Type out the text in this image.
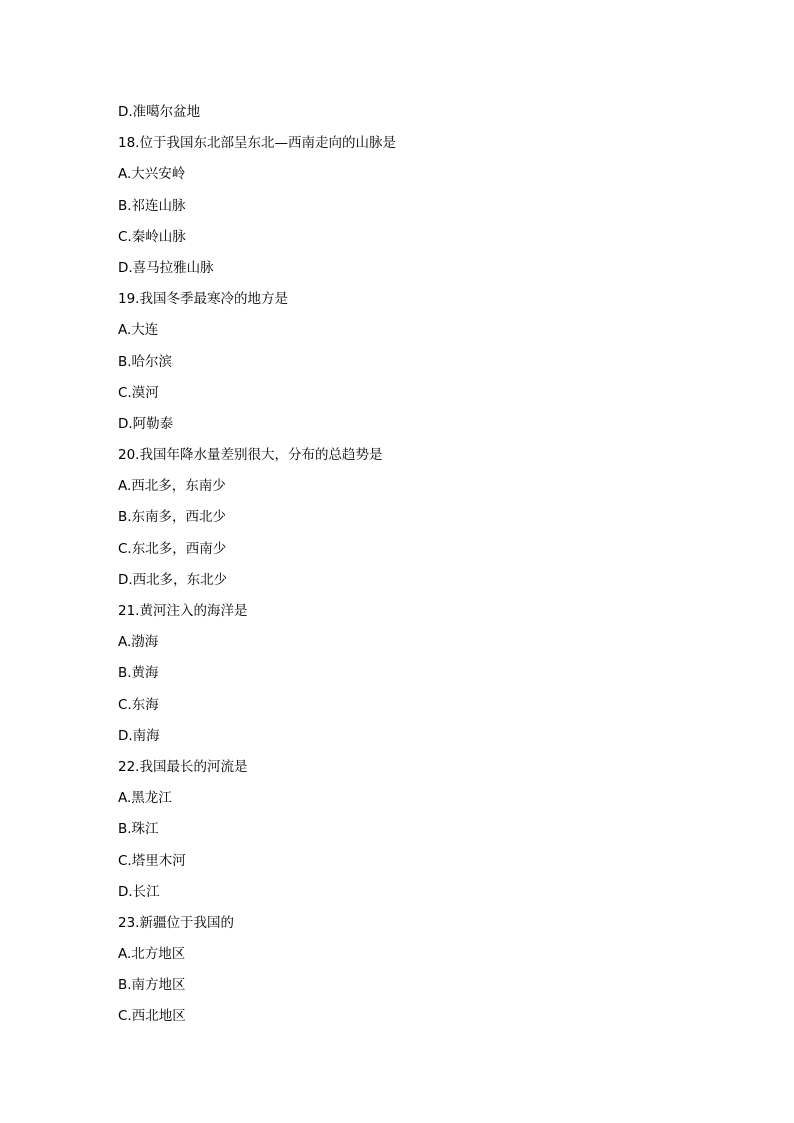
D.准噶尔盆地
18.位于我国东北部呈东北—西南走向的山脉是
A.大兴安岭
B.祁连山脉
C.秦岭山脉
D.喜马拉雅山脉
19.我国冬季最寒冷的地方是
A.大连
B.哈尔滨
C.漠河
D.阿勒泰
20.我国年降水量差别很大，分布的总趋势是
A.西北多，东南少
B.东南多，西北少
C.东北多，西南少
D.西北多，东北少
21.黄河注入的海洋是
A.渤海
B.黄海
C.东海
D.南海
22.我国最长的河流是
A.黑龙江
B.珠江
C.塔里木河
D.长江
23.新疆位于我国的
A.北方地区
B.南方地区
C.西北地区
